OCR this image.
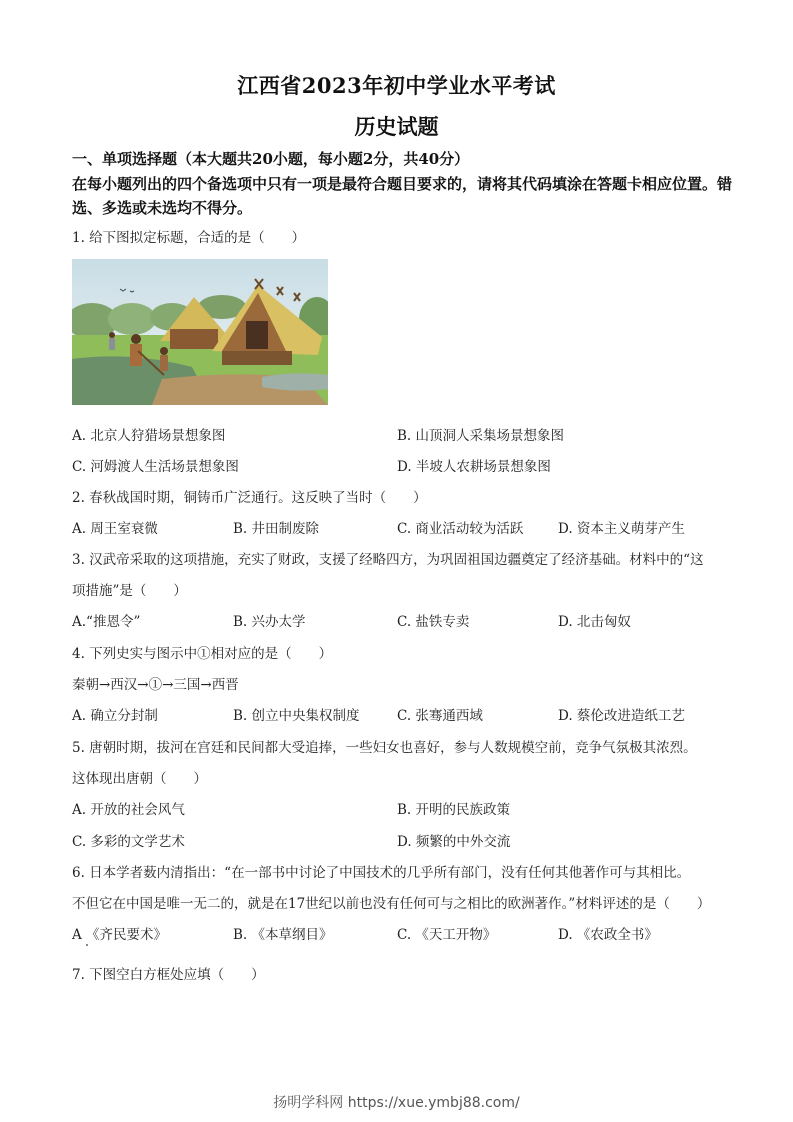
江西省2023年初中学业水平考试
历史试题
一、单项选择题（本大题共20小题，每小题2分，共40分）
在每小题列出的四个备选项中只有一项是最符合题目要求的，请将其代码填涂在答题卡相应位置。错选、多选或未选均不得分。
1. 给下图拟定标题，合适的是（　　）
A. 北京人狩猎场景想象图	B. 山顶洞人采集场景想象图
C. 河姆渡人生活场景想象图	D. 半坡人农耕场景想象图
2. 春秋战国时期，铜铸币广泛通行。这反映了当时（　　）
A. 周王室衰微	B. 井田制废除	C. 商业活动较为活跃	D. 资本主义萌芽产生
3. 汉武帝采取的这项措施，充实了财政，支援了经略四方，为巩固祖国边疆奠定了经济基础。材料中的“这
项措施”是（　　）
A.“推恩令”	B. 兴办太学	C. 盐铁专卖	D. 北击匈奴
4. 下列史实与图示中①相对应的是（　　）
秦朝→西汉→①→三国→西晋
A. 确立分封制	B. 创立中央集权制度	C. 张骞通西域	D. 蔡伦改进造纸工艺
5. 唐朝时期，拔河在宫廷和民间都大受追捧，一些妇女也喜好，参与人数规模空前，竞争气氛极其浓烈。
这体现出唐朝（　　）
A. 开放的社会风气	B. 开明的民族政策
C. 多彩的文学艺术	D. 频繁的中外交流
6. 日本学者薮内清指出：“在一部书中讨论了中国技术的几乎所有部门，没有任何其他著作可与其相比。
不但它在中国是唯一无二的，就是在17世纪以前也没有任何可与之相比的欧洲著作。”材料评述的是（　　）
A 《齐民要术》	B. 《本草纲目》	C. 《天工开物》	D. 《农政全书》
7. 下图空白方框处应填（　　）
扬明学科网 https://xue.ymbj88.com/
